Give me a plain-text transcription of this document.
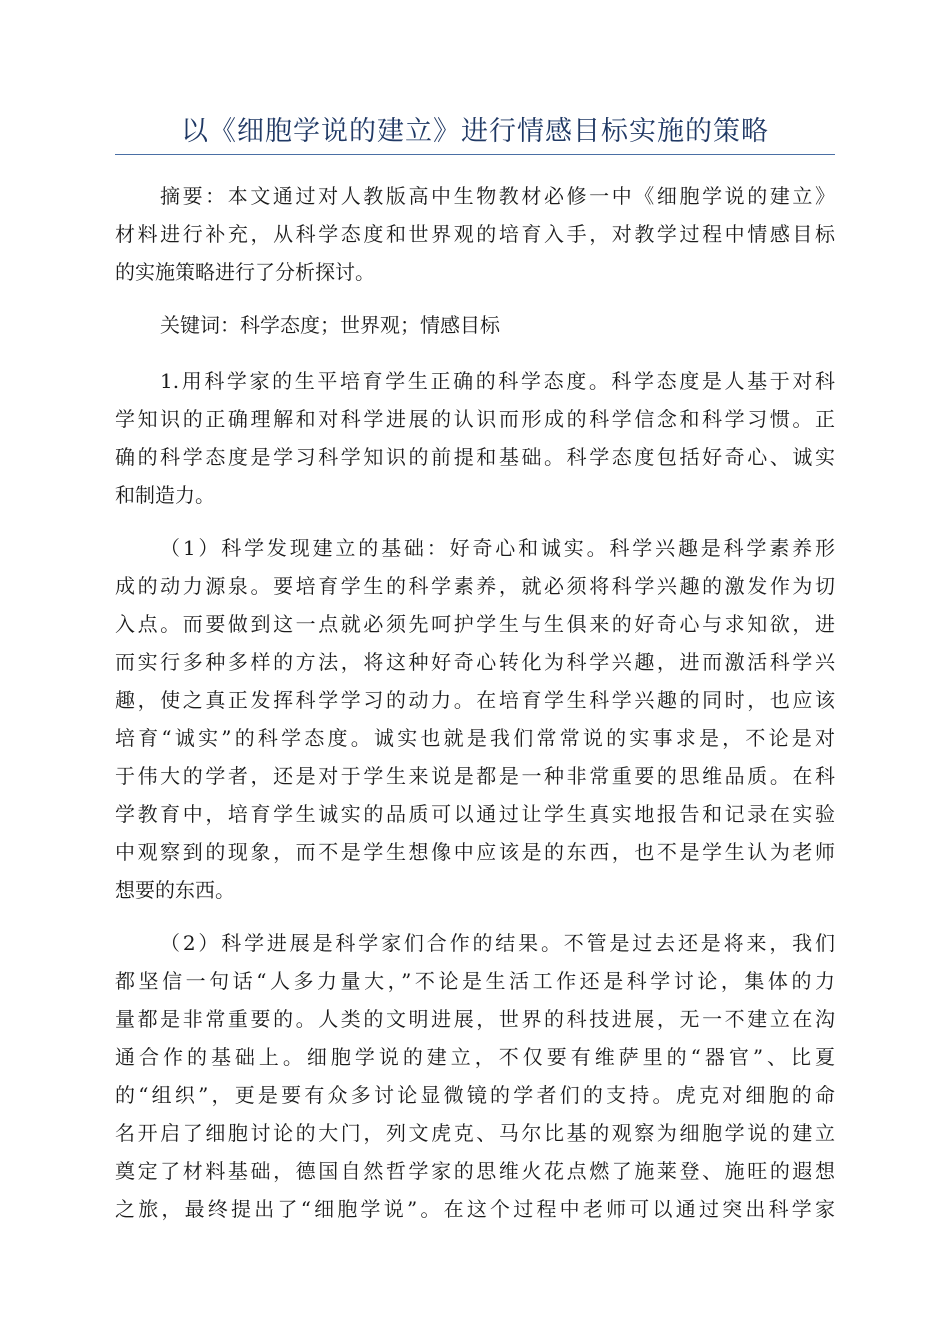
以《细胞学说的建立》进行情感目标实施的策略
摘要：本文通过对人教版高中生物教材必修一中《细胞学说的建立》
材料进行补充，从科学态度和世界观的培育入手，对教学过程中情感目标
的实施策略进行了分析探讨。
关键词：科学态度；世界观；情感目标
1.用科学家的生平培育学生正确的科学态度。科学态度是人基于对科
学知识的正确理解和对科学进展的认识而形成的科学信念和科学习惯。正
确的科学态度是学习科学知识的前提和基础。科学态度包括好奇心、诚实
和制造力。
（1）科学发现建立的基础：好奇心和诚实。科学兴趣是科学素养形
成的动力源泉。要培育学生的科学素养，就必须将科学兴趣的激发作为切
入点。而要做到这一点就必须先呵护学生与生俱来的好奇心与求知欲，进
而实行多种多样的方法，将这种好奇心转化为科学兴趣，进而激活科学兴
趣，使之真正发挥科学学习的动力。在培育学生科学兴趣的同时，也应该
培育“诚实”的科学态度。诚实也就是我们常常说的实事求是，不论是对
于伟大的学者，还是对于学生来说是都是一种非常重要的思维品质。在科
学教育中，培育学生诚实的品质可以通过让学生真实地报告和记录在实验
中观察到的现象，而不是学生想像中应该是的东西，也不是学生认为老师
想要的东西。
（2）科学进展是科学家们合作的结果。不管是过去还是将来，我们
都坚信一句话“人多力量大，”不论是生活工作还是科学讨论，集体的力
量都是非常重要的。人类的文明进展，世界的科技进展，无一不建立在沟
通合作的基础上。细胞学说的建立，不仅要有维萨里的“器官”、比夏
的“组织”，更是要有众多讨论显微镜的学者们的支持。虎克对细胞的命
名开启了细胞讨论的大门，列文虎克、马尔比基的观察为细胞学说的建立
奠定了材料基础，德国自然哲学家的思维火花点燃了施莱登、施旺的遐想
之旅，最终提出了“细胞学说”。在这个过程中老师可以通过突出科学家
